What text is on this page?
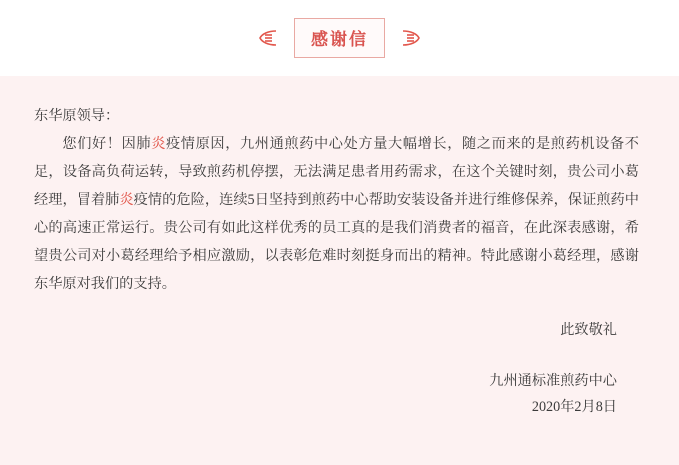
感谢信

东华原领导：

您们好！因肺炎疫情原因，九州通煎药中心处方量大幅增长，随之而来的是煎药机设备不足，设备高负荷运转，导致煎药机停摆，无法满足患者用药需求，在这个关键时刻，贵公司小葛经理，冒着肺炎疫情的危险，连续5日坚持到煎药中心帮助安装设备并进行维修保养，保证煎药中心的高速正常运行。贵公司有如此这样优秀的员工真的是我们消费者的福音，在此深表感谢，希望贵公司对小葛经理给予相应激励，以表彰危难时刻挺身而出的精神。特此感谢小葛经理，感谢东华原对我们的支持。

此致敬礼

九州通标准煎药中心
2020年2月8日
